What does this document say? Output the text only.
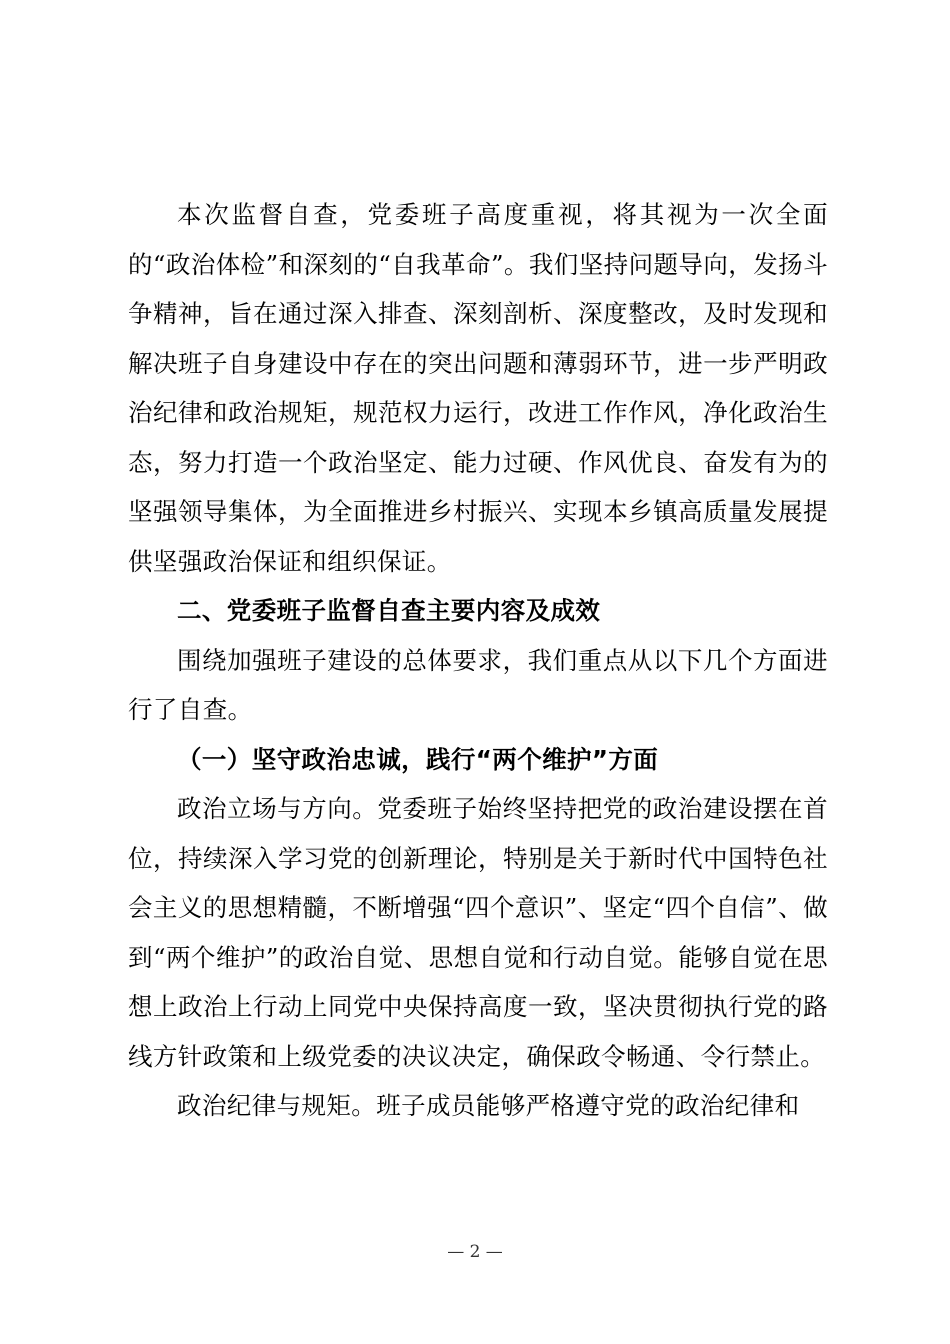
本次监督自查，党委班子高度重视，将其视为一次全面的“政治体检”和深刻的“自我革命”。我们坚持问题导向，发扬斗争精神，旨在通过深入排查、深刻剖析、深度整改，及时发现和解决班子自身建设中存在的突出问题和薄弱环节，进一步严明政治纪律和政治规矩，规范权力运行，改进工作作风，净化政治生态，努力打造一个政治坚定、能力过硬、作风优良、奋发有为的坚强领导集体，为全面推进乡村振兴、实现本乡镇高质量发展提供坚强政治保证和组织保证。

二、党委班子监督自查主要内容及成效

围绕加强班子建设的总体要求，我们重点从以下几个方面进行了自查。

（一）坚守政治忠诚，践行“两个维护”方面

政治立场与方向。党委班子始终坚持把党的政治建设摆在首位，持续深入学习党的创新理论，特别是关于新时代中国特色社会主义的思想精髓，不断增强“四个意识”、坚定“四个自信”、做到“两个维护”的政治自觉、思想自觉和行动自觉。能够自觉在思想上政治上行动上同党中央保持高度一致，坚决贯彻执行党的路线方针政策和上级党委的决议决定，确保政令畅通、令行禁止。

政治纪律与规矩。班子成员能够严格遵守党的政治纪律和

— 2 —
